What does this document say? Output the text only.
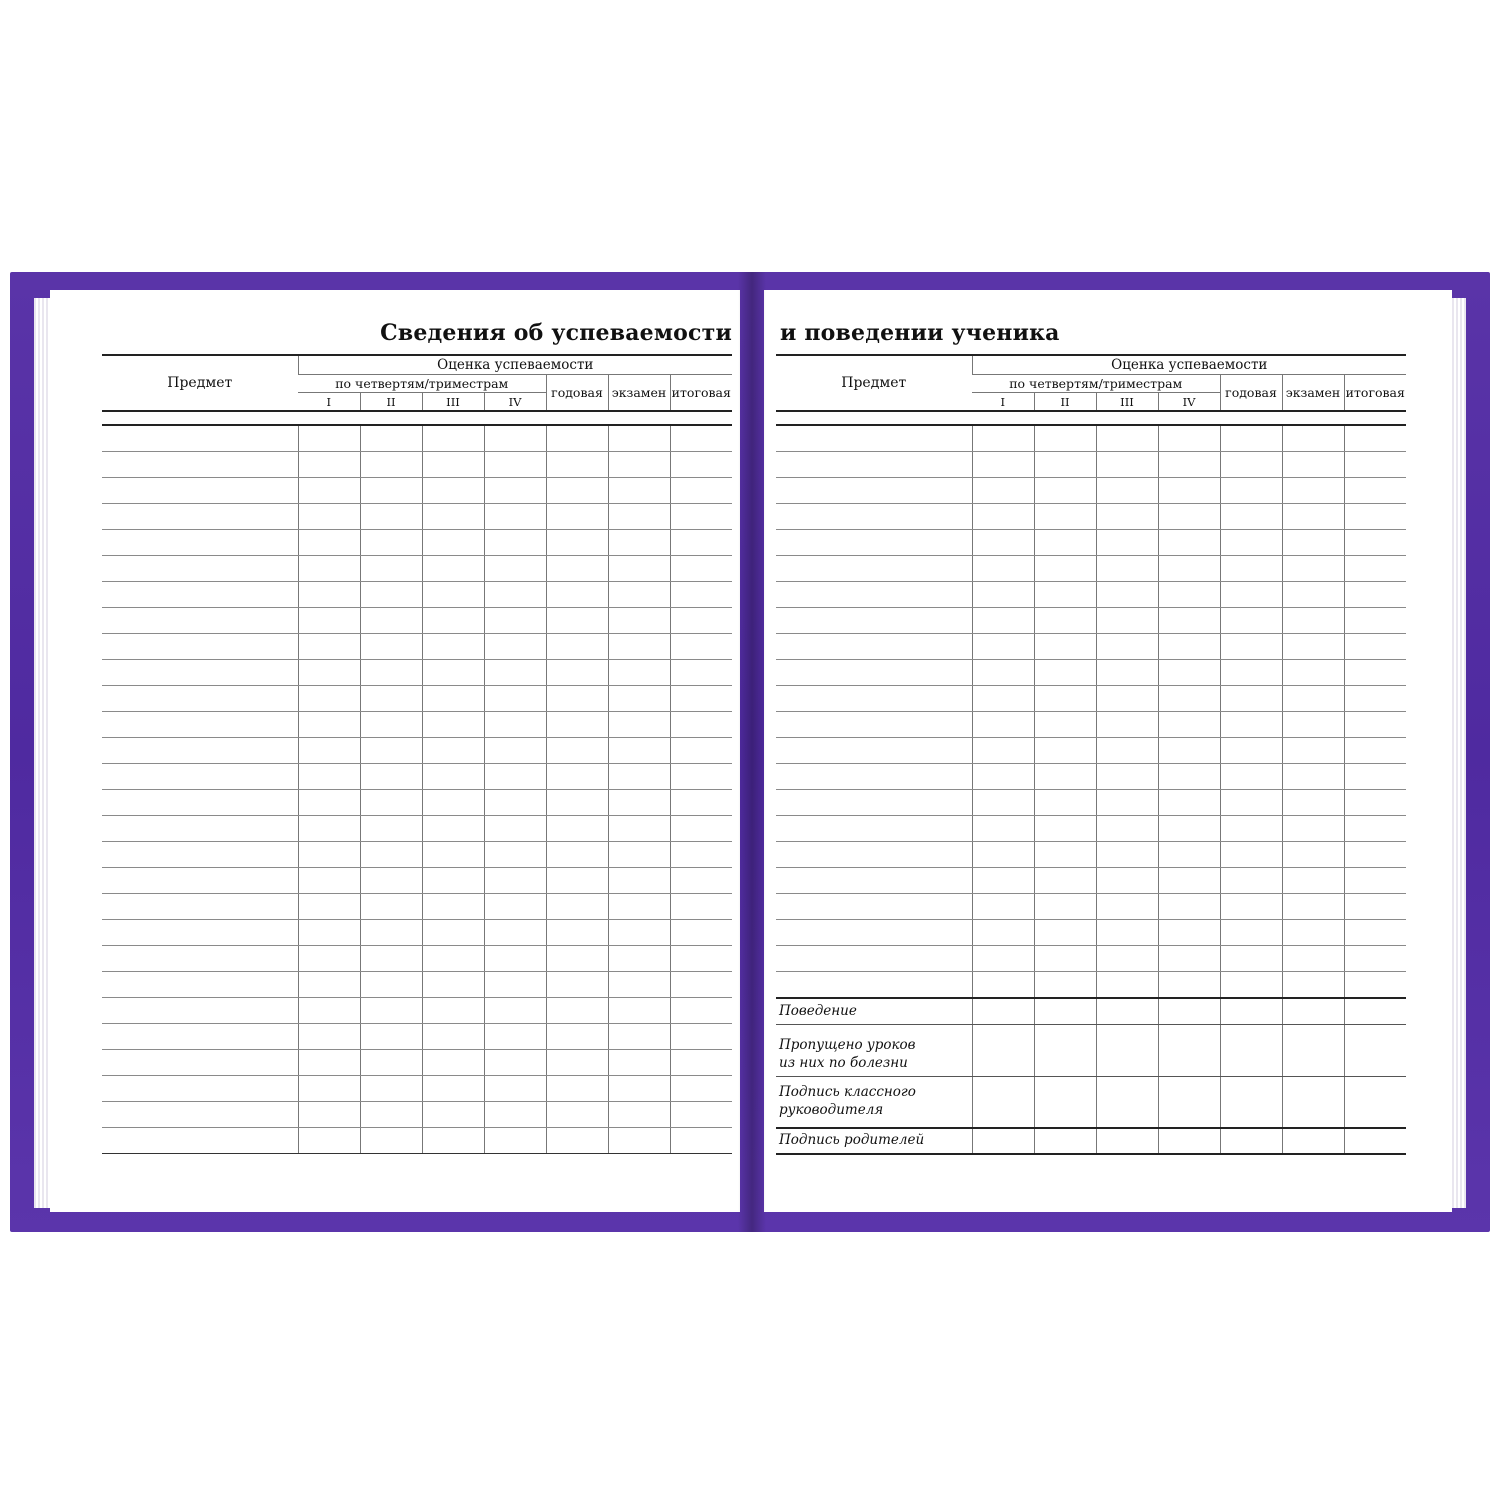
Сведения об успеваемости
Предмет	Оценка успеваемости						
	по четвертям/триместрам				годовая	экзамен	итоговая
	I	II	III	IV			

и поведении ученика
Предмет	Оценка успеваемости						
	по четвертям/триместрам				годовая	экзамен	итоговая
	I	II	III	IV			

Поведение							
Пропущено уроков
из них по болезни							
Подпись классного
руководителя							
Подпись родителей							
